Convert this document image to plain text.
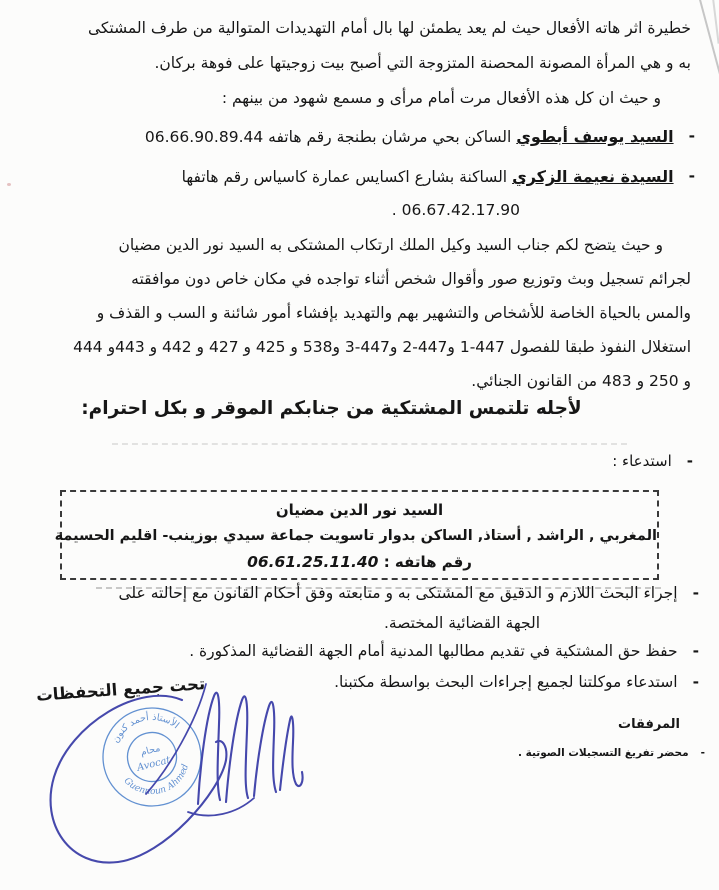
خطيرة اثر هاته الأفعال حيث لم يعد يطمئن لها بال أمام التهديدات المتوالية من طرف المشتكى
به و هي المرأة المصونة المحصنة المتزوجة التي أصبح بيت زوجيتها على فوهة بركان.
و حيث ان كل هذه الأفعال مرت أمام مرأى و مسمع شهود من بينهم :
-
السيد يوسف أبطوي الساكن بحي مرشان بطنجة رقم هاتفه 06.66.90.89.44
-
السيدة نعيمة الزكري الساكنة بشارع اكسايس عمارة كاسياس رقم هاتفها
06.67.42.17.90 .
و حيث يتضح لكم جناب السيد وكيل الملك ارتكاب المشتكى به السيد نور الدين مضيان
لجرائم تسجيل وبث وتوزيع صور وأقوال شخص أثناء تواجده في مكان خاص دون موافقته
والمس بالحياة الخاصة للأشخاص والتشهير بهم والتهديد بإفشاء أمور شائنة و السب و القذف و
استغلال النفوذ طبقا للفصول 447-1 و447-2 و447-3 و538 و 425 و 427 و 442 و 443و 444
و 250 و 483 من القانون الجنائي.
لأجله تلتمس المشتكية من جنابكم الموقر و بكل احترام:
-
استدعاء :
السيد نور الدين مضيان
المغربي , الراشد , أستاذ, الساكن بدوار تاسويت جماعة سيدي بوزينب- اقليم الحسيمة
رقم هاتفه : 06.61.25.11.40
-
إجراء البحث اللازم و الدقيق مع المشتكى به و متابعته وفق أحكام القانون مع إحالته على
الجهة القضائية المختصة.
-
حفظ حق المشتكية في تقديم مطالبها المدنية أمام الجهة القضائية المذكورة .
-
استدعاء موكلتنا لجميع إجراءات البحث بواسطة مكتبنا.
تحت جميع التحفظات
المرفقات
-
محضر تفريغ التسجيلات الصوتية .
الأستاذ أحمد كنون
Guennoun Ahmed
محام
Avocat
